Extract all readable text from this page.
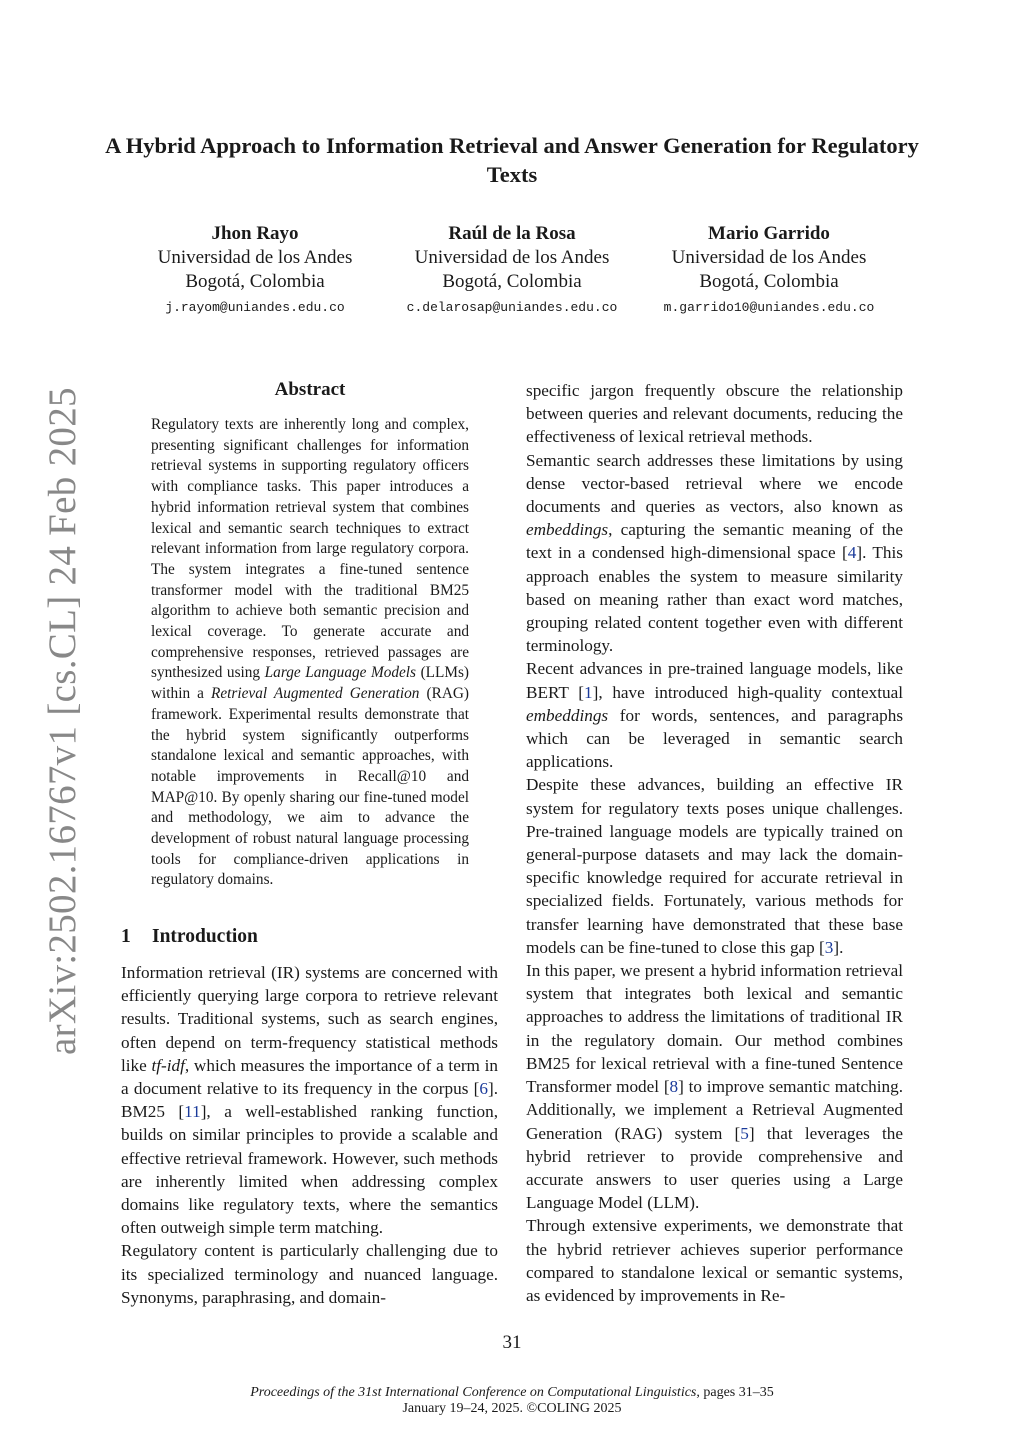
A Hybrid Approach to Information Retrieval and Answer Generation for Regulatory Texts
Jhon Rayo
Universidad de los Andes
Bogotá, Colombia
j.rayom@uniandes.edu.co
Raúl de la Rosa
Universidad de los Andes
Bogotá, Colombia
c.delarosap@uniandes.edu.co
Mario Garrido
Universidad de los Andes
Bogotá, Colombia
m.garrido10@uniandes.edu.co
arXiv:2502.16767v1 [cs.CL] 24 Feb 2025	Abstract
Regulatory texts are inherently long and complex, presenting significant challenges for information retrieval systems in supporting regulatory officers with compliance tasks. This paper introduces a hybrid information retrieval system that combines lexical and semantic search techniques to extract relevant information from large regulatory corpora. The system integrates a fine-tuned sentence transformer model with the traditional BM25 algorithm to achieve both semantic precision and lexical coverage. To generate accurate and comprehensive responses, retrieved passages are synthesized using Large Language Models (LLMs) within a Retrieval Augmented Generation (RAG) framework. Experimental results demonstrate that the hybrid system significantly outperforms standalone lexical and semantic approaches, with notable improvements in Recall@10 and MAP@10. By openly sharing our fine-tuned model and methodology, we aim to advance the development of robust natural language processing tools for compliance-driven applications in regulatory domains.
1 Introduction

Information retrieval (IR) systems are concerned with efficiently querying large corpora to retrieve relevant results. Traditional systems, such as search engines, often depend on term-frequency statistical methods like tf-idf, which measures the importance of a term in a document relative to its frequency in the corpus [6]. BM25 [11], a well-established ranking function, builds on similar principles to provide a scalable and effective retrieval framework. However, such methods are inherently limited when addressing complex domains like regulatory texts, where the semantics often outweigh simple term matching.

Regulatory content is particularly challenging due to its specialized terminology and nuanced language. Synonyms, paraphrasing, and domain-

specific jargon frequently obscure the relationship between queries and relevant documents, reducing the effectiveness of lexical retrieval methods.

Semantic search addresses these limitations by using dense vector-based retrieval where we encode documents and queries as vectors, also known as embeddings, capturing the semantic meaning of the text in a condensed high-dimensional space [4]. This approach enables the system to measure similarity based on meaning rather than exact word matches, grouping related content together even with different terminology.

Recent advances in pre-trained language models, like BERT [1], have introduced high-quality contextual embeddings for words, sentences, and paragraphs which can be leveraged in semantic search applications.

Despite these advances, building an effective IR system for regulatory texts poses unique challenges. Pre-trained language models are typically trained on general-purpose datasets and may lack the domain-specific knowledge required for accurate retrieval in specialized fields. Fortunately, various methods for transfer learning have demonstrated that these base models can be fine-tuned to close this gap [3].

In this paper, we present a hybrid information retrieval system that integrates both lexical and semantic approaches to address the limitations of traditional IR in the regulatory domain. Our method combines BM25 for lexical retrieval with a fine-tuned Sentence Transformer model [8] to improve semantic matching. Additionally, we implement a Retrieval Augmented Generation (RAG) system [5] that leverages the hybrid retriever to provide comprehensive and accurate answers to user queries using a Large Language Model (LLM).

Through extensive experiments, we demonstrate that the hybrid retriever achieves superior performance compared to standalone lexical or semantic systems, as evidenced by improvements in Re-

31
Proceedings of the 31st International Conference on Computational Linguistics, pages 31–35
January 19–24, 2025. ©COLING 2025
